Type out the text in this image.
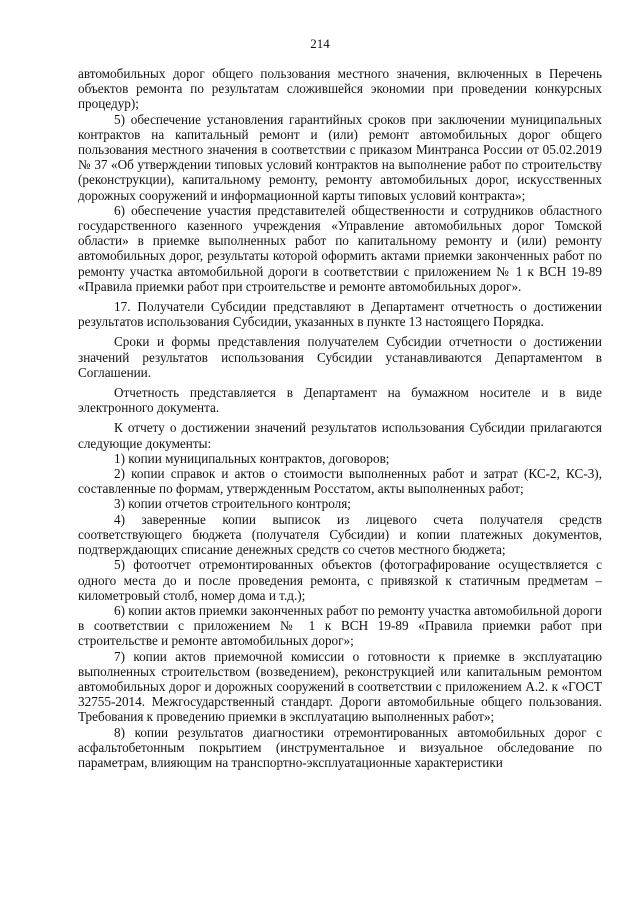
214

автомобильных дорог общего пользования местного значения, включенных в Перечень объектов ремонта по результатам сложившейся экономии при проведении конкурсных процедур);

5) обеспечение установления гарантийных сроков при заключении муниципальных контрактов на капитальный ремонт и (или) ремонт автомобильных дорог общего пользования местного значения в соответствии с приказом Минтранса России от 05.02.2019 № 37 «Об утверждении типовых условий контрактов на выполнение работ по строительству (реконструкции), капитальному ремонту, ремонту автомобильных дорог, искусственных дорожных сооружений и информационной карты типовых условий контракта»;

6) обеспечение участия представителей общественности и сотрудников областного государственного казенного учреждения «Управление автомобильных дорог Томской области» в приемке выполненных работ по капитальному ремонту и (или) ремонту автомобильных дорог, результаты которой оформить актами приемки законченных работ по ремонту участка автомобильной дороги в соответствии с приложением № 1 к ВСН 19-89 «Правила приемки работ при строительстве и ремонте автомобильных дорог».

17. Получатели Субсидии представляют в Департамент отчетность о достижении результатов использования Субсидии, указанных в пункте 13 настоящего Порядка.

Сроки и формы представления получателем Субсидии отчетности о достижении значений результатов использования Субсидии устанавливаются Департаментом в Соглашении.

Отчетность представляется в Департамент на бумажном носителе и в виде электронного документа.

К отчету о достижении значений результатов использования Субсидии прилагаются следующие документы:

1) копии муниципальных контрактов, договоров;

2) копии справок и актов о стоимости выполненных работ и затрат (КС-2, КС-3), составленные по формам, утвержденным Росстатом, акты выполненных работ;

3) копии отчетов строительного контроля;

4) заверенные копии выписок из лицевого счета получателя средств соответствующего бюджета (получателя Субсидии) и копии платежных документов, подтверждающих списание денежных средств со счетов местного бюджета;

5) фотоотчет отремонтированных объектов (фотографирование осуществляется с одного места до и после проведения ремонта, с привязкой к статичным предметам – километровый столб, номер дома и т.д.);

6) копии актов приемки законченных работ по ремонту участка автомобильной дороги в соответствии с приложением № 1 к ВСН 19-89 «Правила приемки работ при строительстве и ремонте автомобильных дорог»;

7) копии актов приемочной комиссии о готовности к приемке в эксплуатацию выполненных строительством (возведением), реконструкцией или капитальным ремонтом автомобильных дорог и дорожных сооружений в соответствии с приложением А.2. к «ГОСТ 32755-2014. Межгосударственный стандарт. Дороги автомобильные общего пользования. Требования к проведению приемки в эксплуатацию выполненных работ»;

8) копии результатов диагностики отремонтированных автомобильных дорог с асфальтобетонным покрытием (инструментальное и визуальное обследование по параметрам, влияющим на транспортно-эксплуатационные характеристики
